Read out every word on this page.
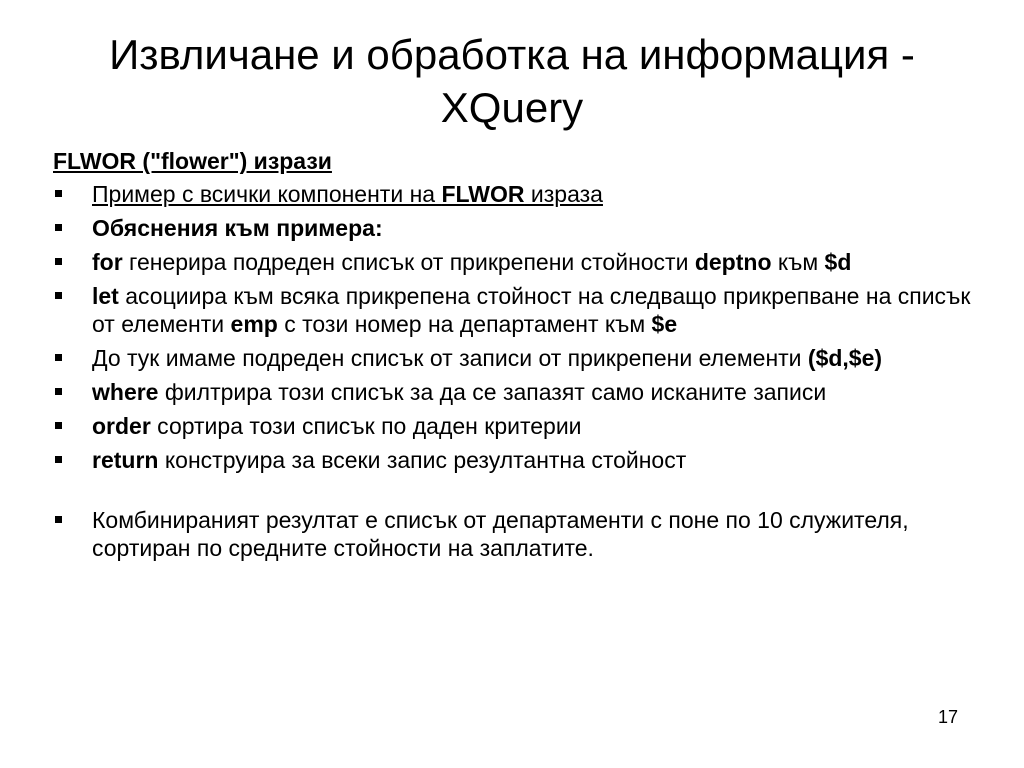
Извличане и обработка на информация -
XQuery
FLWOR ("flower") изрази
Пример с всички компоненти на FLWOR израза
Обяснения към примера:
for генерира подреден списък от прикрепени стойности deptno към $d
let асоциира към всяка прикрепена стойност на следващо прикрепване на списък от елементи emp с този номер на департамент към $e
До тук имаме подреден списък от записи от прикрепени елементи ($d,$e)
where филтрира този списък за да се запазят само исканите записи
order сортира този списък по даден критерии
return конструира за всеки запис резултантна стойност
Комбинираният резултат е списък от департаменти с поне по 10 служителя, сортиран по средните стойности на заплатите.
17
